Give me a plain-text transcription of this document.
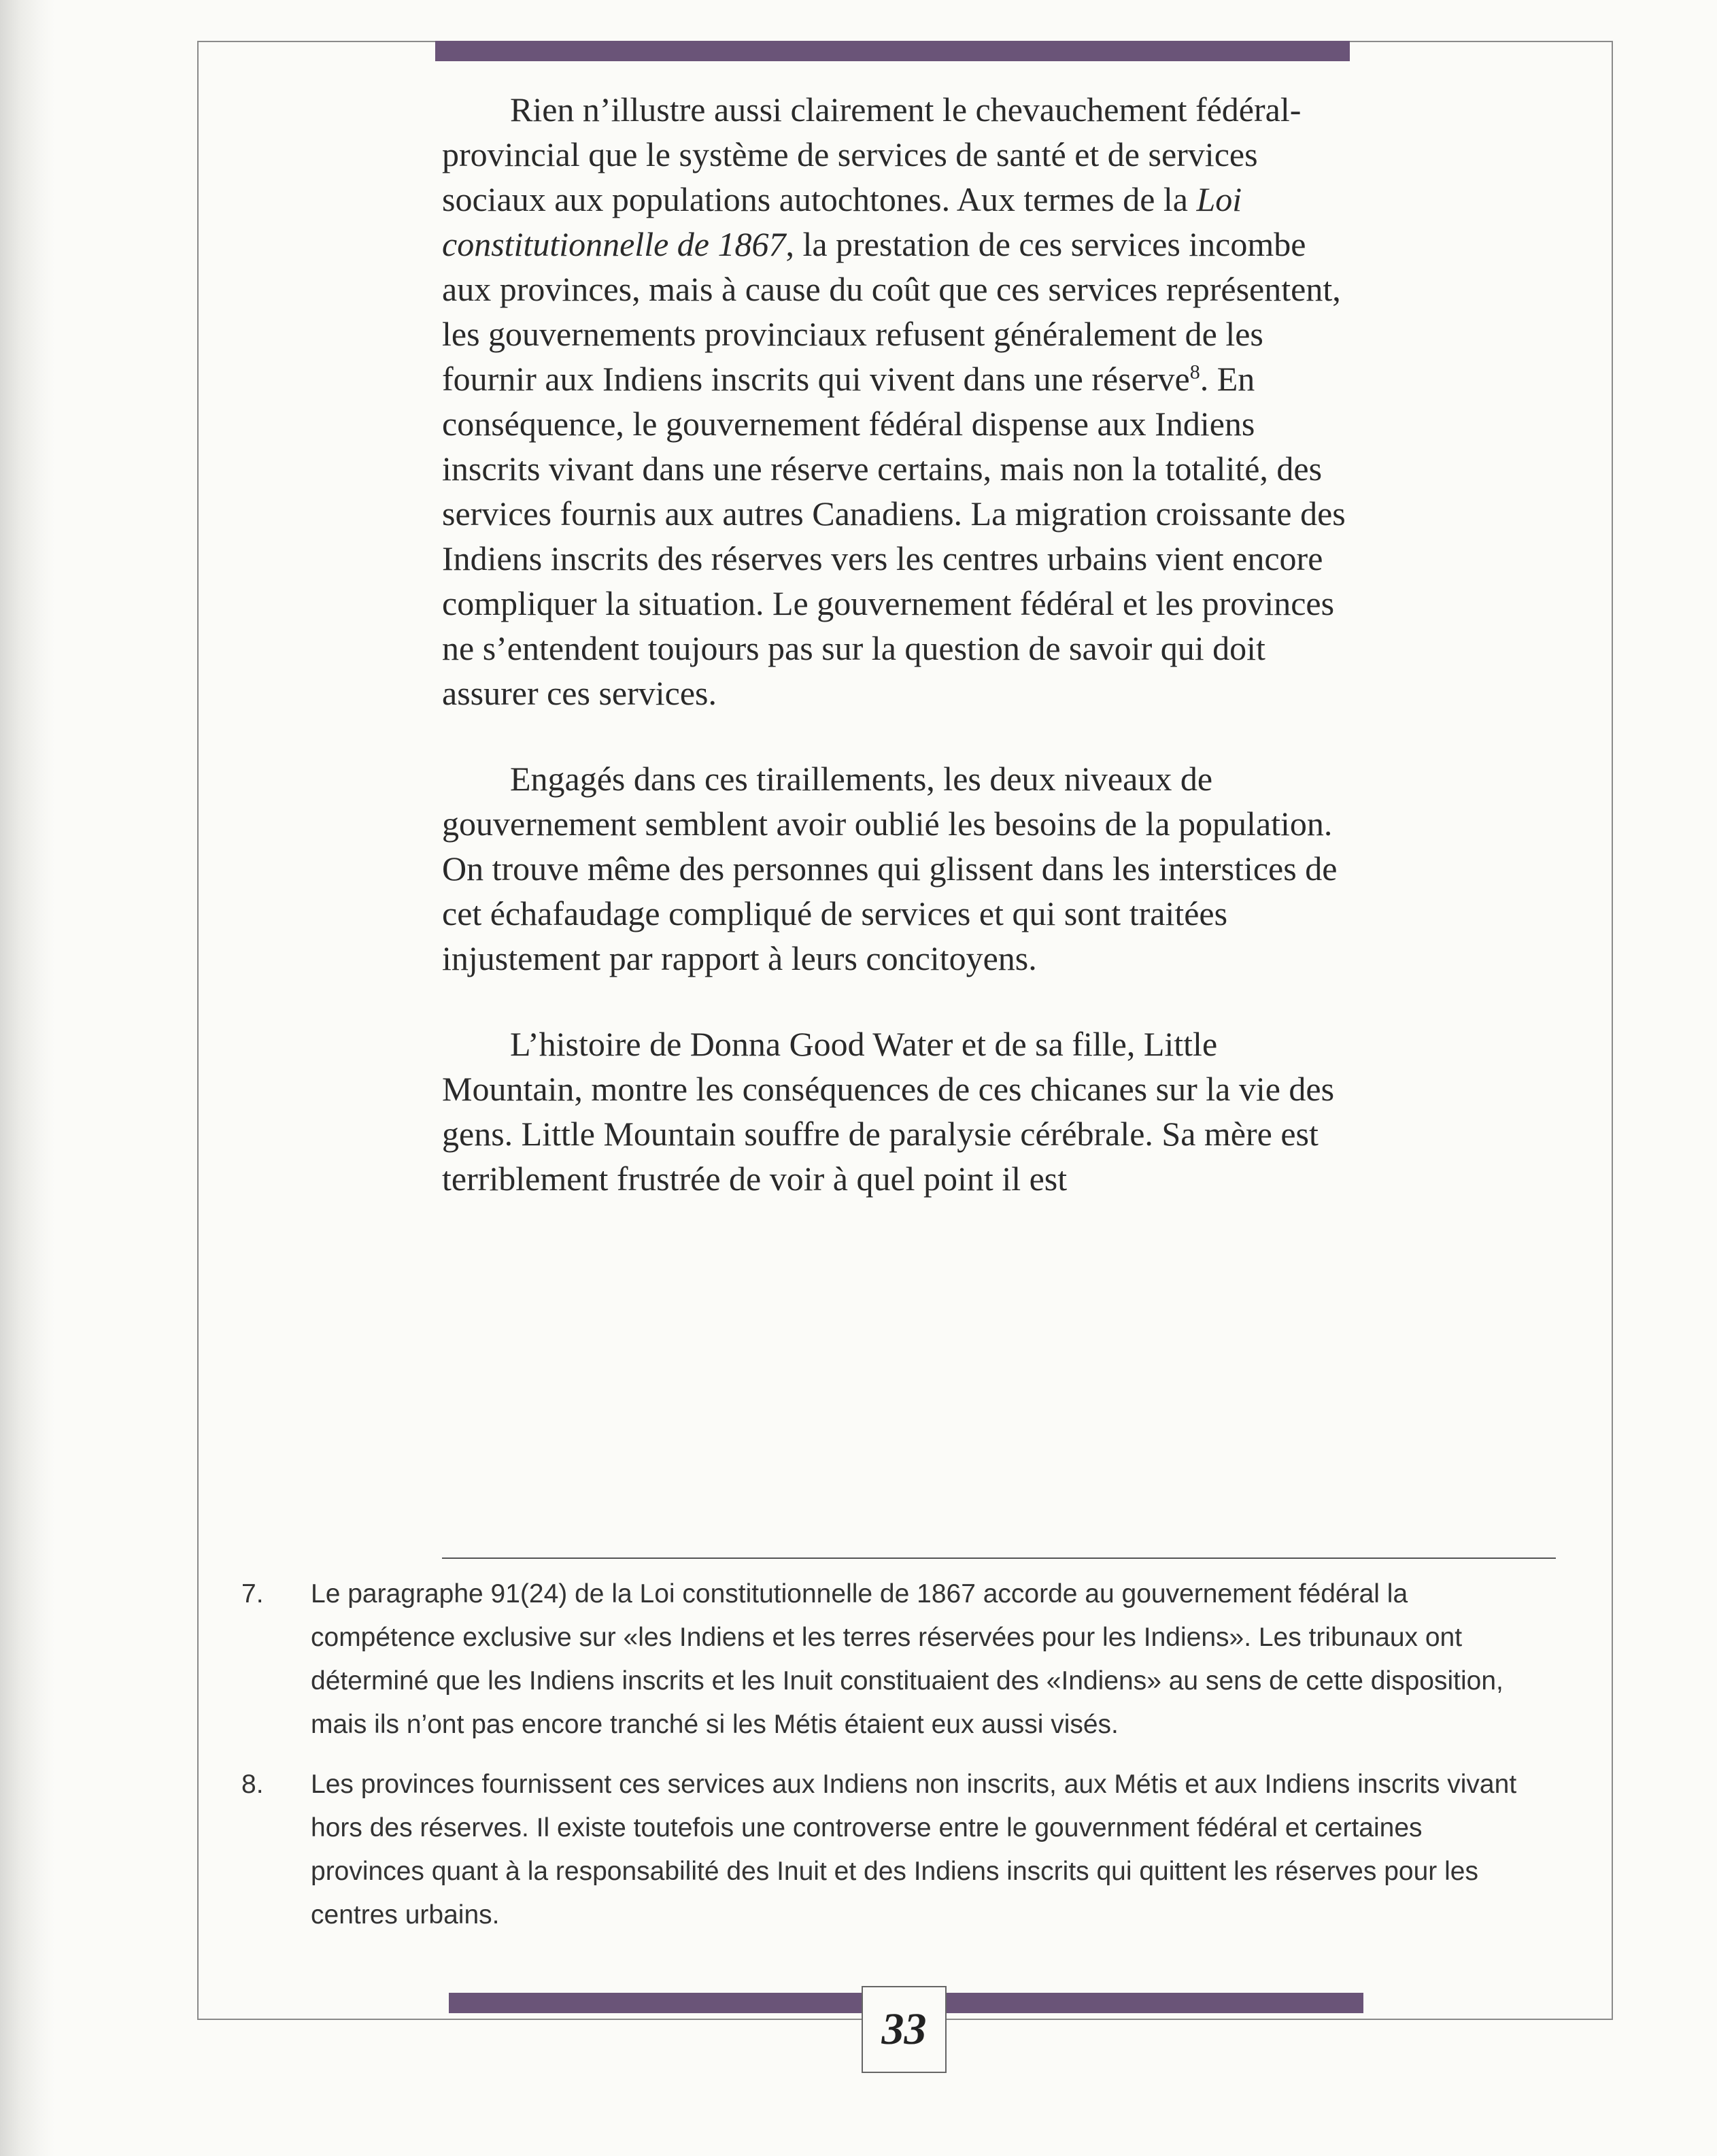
Rien n’illustre aussi clairement le chevauchement fédéral-provincial que le système de services de santé et de services sociaux aux populations autochtones. Aux termes de la Loi constitutionnelle de 1867, la prestation de ces services incombe aux provinces, mais à cause du coût que ces services représentent, les gouvernements provinciaux refusent généralement de les fournir aux Indiens inscrits qui vivent dans une réserve$^8$. En conséquence, le gouvernement fédéral dispense aux Indiens inscrits vivant dans une réserve certains, mais non la totalité, des services fournis aux autres Canadiens. La migration croissante des Indiens inscrits des réserves vers les centres urbains vient encore compliquer la situation. Le gouvernement fédéral et les provinces ne s’entendent toujours pas sur la question de savoir qui doit assurer ces services.

Engagés dans ces tiraillements, les deux niveaux de gouvernement semblent avoir oublié les besoins de la population. On trouve même des personnes qui glissent dans les interstices de cet échafaudage compliqué de services et qui sont traitées injustement par rapport à leurs concitoyens.

L’histoire de Donna Good Water et de sa fille, Little Mountain, montre les conséquences de ces chicanes sur la vie des gens. Little Mountain souffre de paralysie cérébrale. Sa mère est terriblement frustrée de voir à quel point il est

7.	Le paragraphe 91(24) de la Loi constitutionnelle de 1867 accorde au gouvernement fédéral la compétence exclusive sur «les Indiens et les terres réservées pour les Indiens». Les tribunaux ont déterminé que les Indiens inscrits et les Inuit constituaient des «Indiens» au sens de cette disposition, mais ils n’ont pas encore tranché si les Métis étaient eux aussi visés.
8.	Les provinces fournissent ces services aux Indiens non inscrits, aux Métis et aux Indiens inscrits vivant hors des réserves. Il existe toutefois une controverse entre le gouvernment fédéral et certaines provinces quant à la responsabilité des Inuit et des Indiens inscrits qui quittent les réserves pour les centres urbains.
33
